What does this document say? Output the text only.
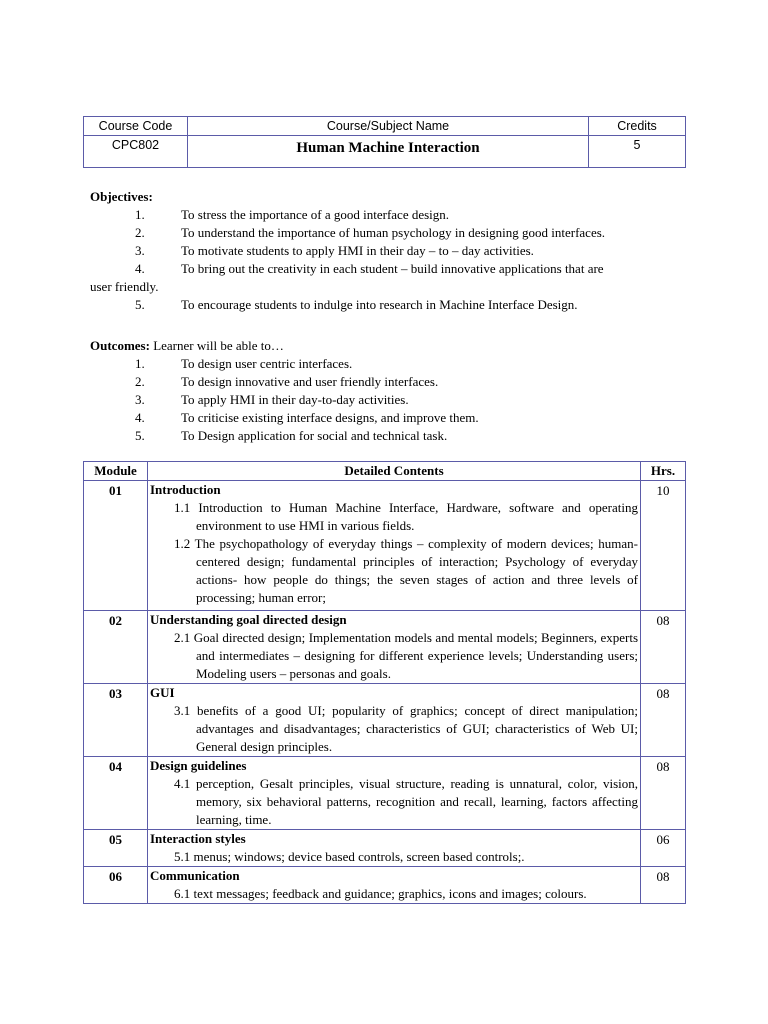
Course Code	Course/Subject Name	Credits
CPC802	Human Machine Interaction	5
Objectives:
1.	To stress the importance of a good interface design.
2.	To understand the importance of human psychology in designing good interfaces.
3.	To motivate students to apply HMI in their day – to – day activities.
4.	To bring out the creativity in each student – build innovative applications that are
user friendly.
5.	To encourage students to indulge into research in Machine Interface Design.
Outcomes: Learner will be able to…
1.	To design user centric interfaces.
2.	To design innovative and user friendly interfaces.
3.	To apply HMI in their day-to-day activities.
4.	To criticise existing interface designs, and improve them.
5.	To Design application for social and technical task.
Module	Detailed Contents	Hrs.
01	Introduction
1.1 Introduction to Human Machine Interface, Hardware, software and operating environment to use HMI in various fields.
1.2 The psychopathology of everyday things – complexity of modern devices; human-centered design; fundamental principles of interaction; Psychology of everyday actions- how people do things; the seven stages of action and three levels of processing; human error;	10
02	Understanding goal directed design
2.1 Goal directed design; Implementation models and mental models; Beginners, experts and intermediates – designing for different experience levels; Understanding users; Modeling users – personas and goals.	08
03	GUI
3.1 benefits of a good UI; popularity of graphics; concept of direct manipulation; advantages and disadvantages; characteristics of GUI; characteristics of Web UI; General design principles.	08
04	Design guidelines
4.1 perception, Gesalt principles, visual structure, reading is unnatural, color, vision, memory, six behavioral patterns, recognition and recall, learning, factors affecting learning, time.	08
05	Interaction styles
5.1 menus; windows; device based controls, screen based controls;.	06
06	Communication
6.1 text messages; feedback and guidance; graphics, icons and images; colours.	08
